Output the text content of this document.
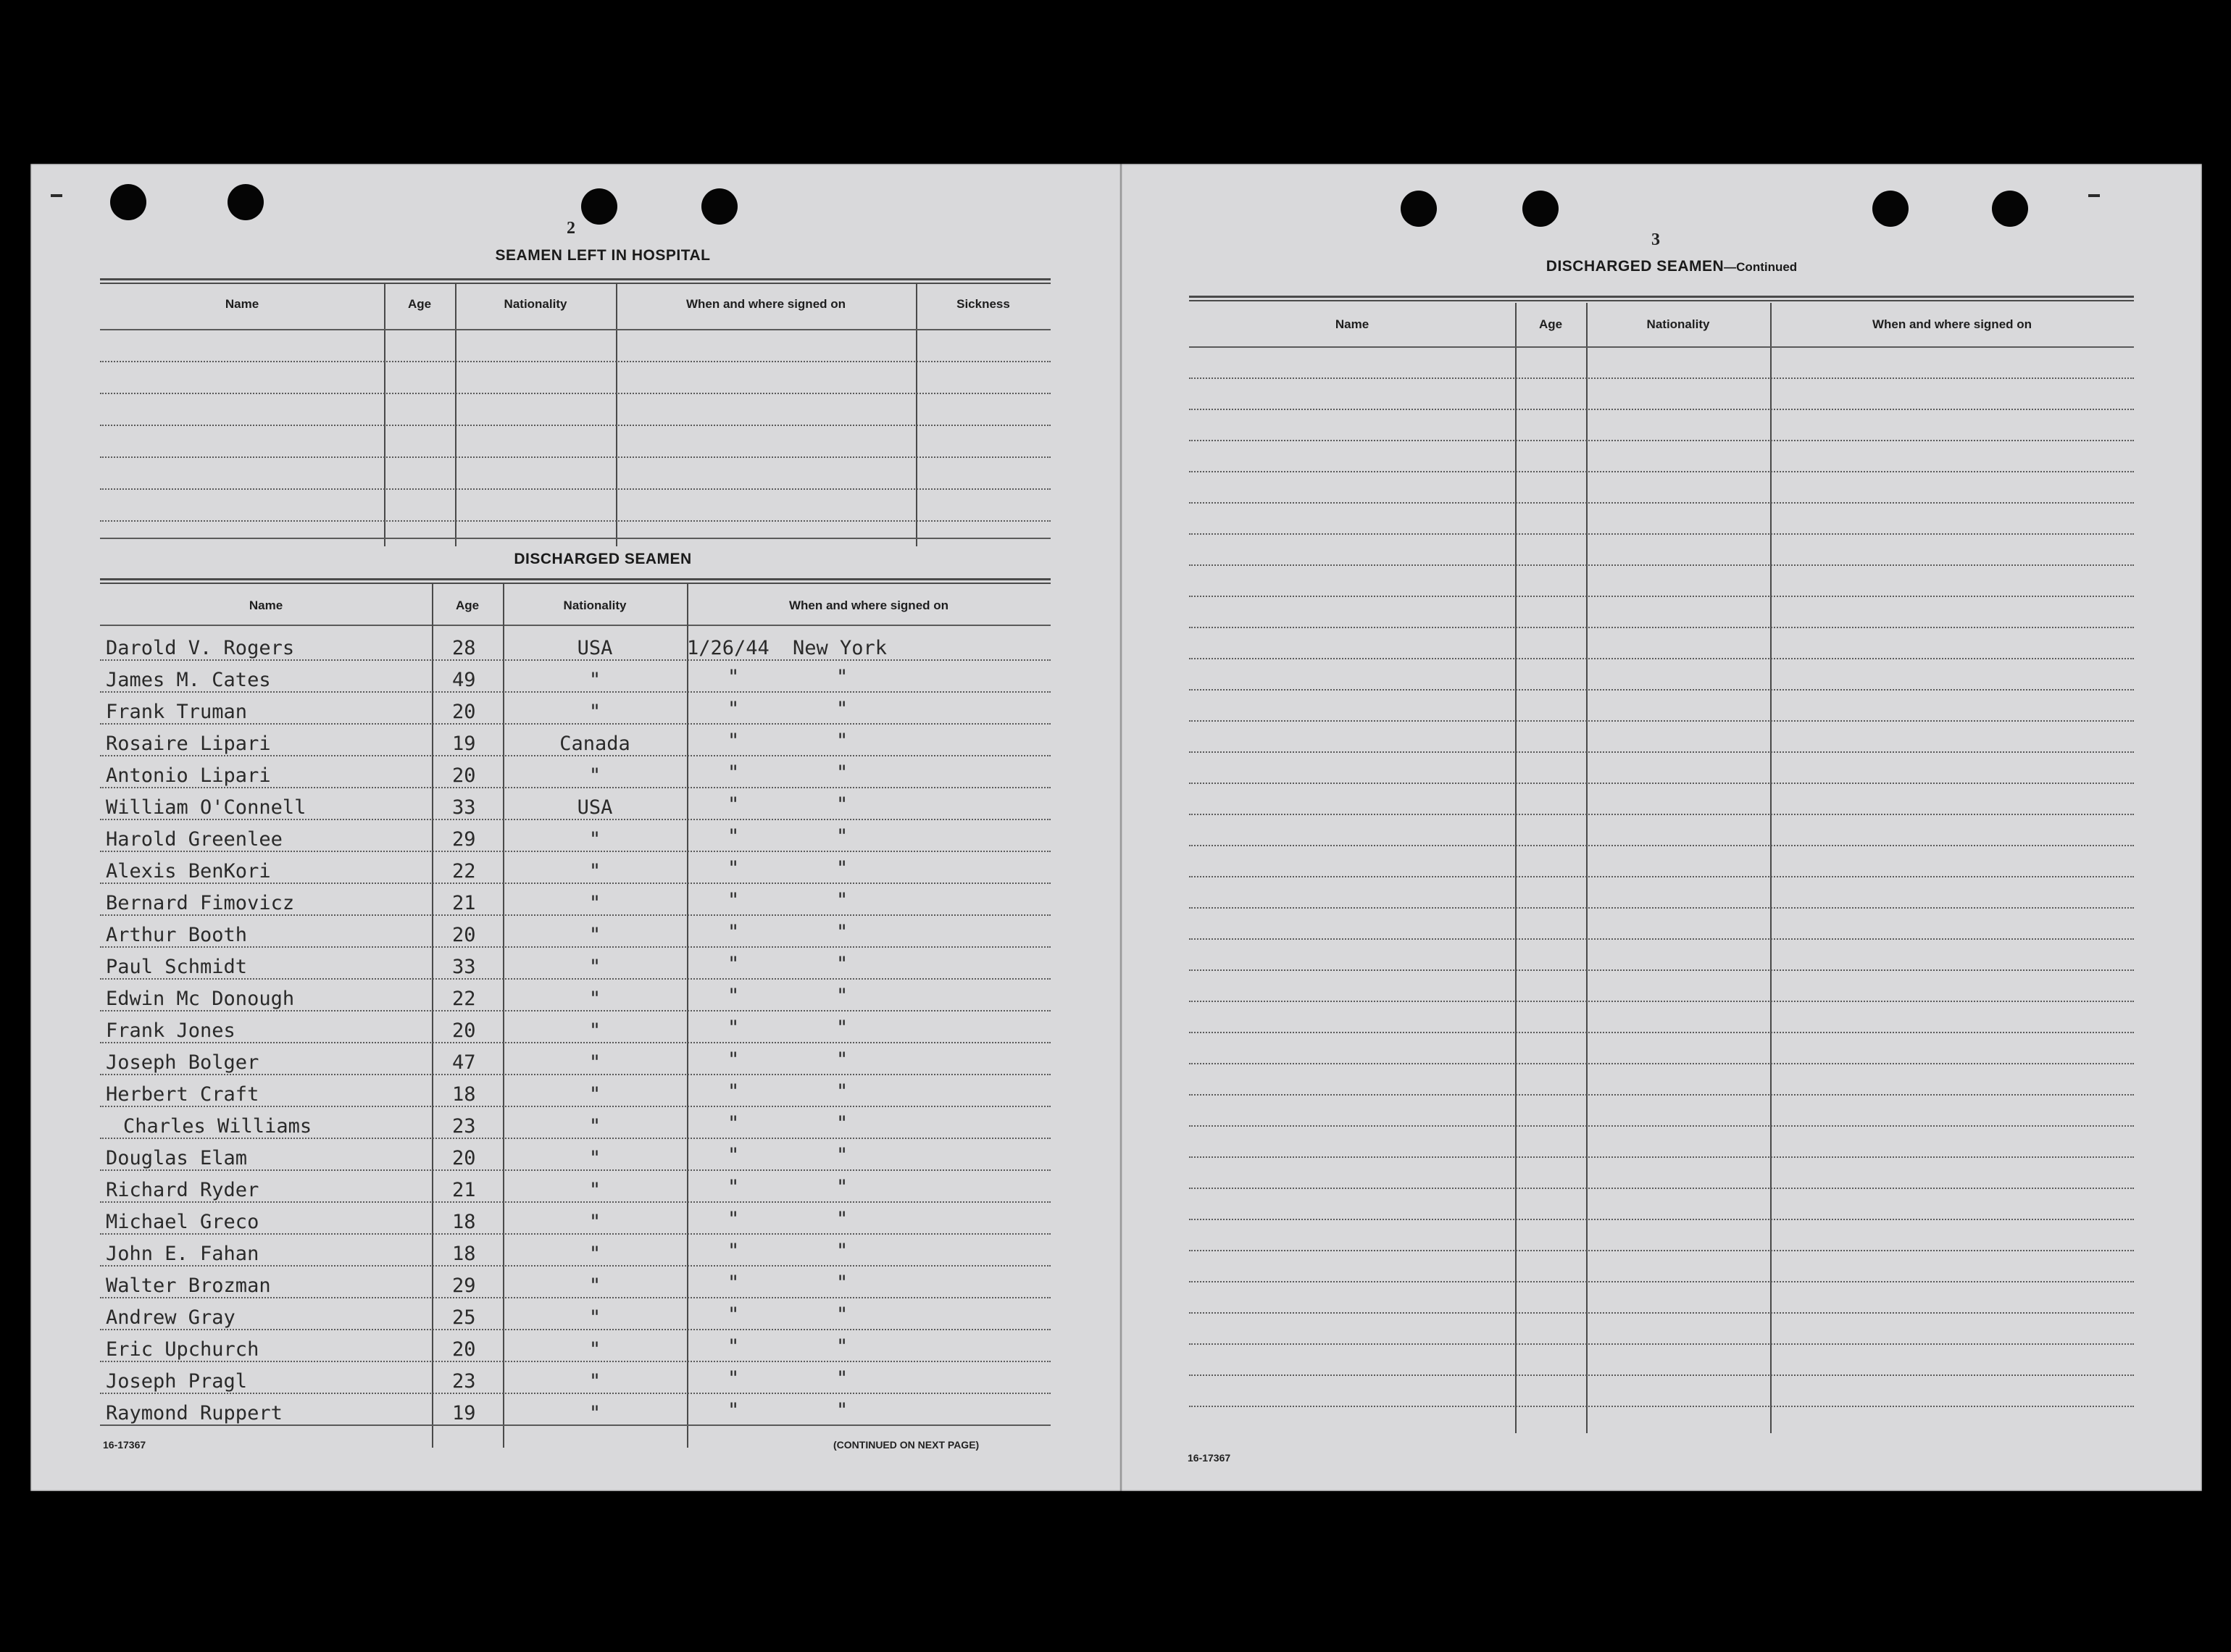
2
SEAMEN LEFT IN HOSPITAL
Name	Age	Nationality	When and where signed on	Sickness
DISCHARGED SEAMEN
Name	Age	Nationality	When and where signed on
Darold V. Rogers	28	USA	1/26/44 New York
James M. Cates	49	"	"	"
Frank Truman	20	"	"	"
Rosaire Lipari	19	Canada	"	"
Antonio Lipari	20	"	"	"
William O'Connell	33	USA	"	"
Harold Greenlee	29	"	"	"
Alexis BenKori	22	"	"	"
Bernard Fimovicz	21	"	"	"
Arthur Booth	20	"	"	"
Paul Schmidt	33	"	"	"
Edwin Mc Donough	22	"	"	"
Frank Jones	20	"	"	"
Joseph Bolger	47	"	"	"
Herbert Craft	18	"	"	"
Charles Williams	23	"	"	"
Douglas Elam	20	"	"	"
Richard Ryder	21	"	"	"
Michael Greco	18	"	"	"
John E. Fahan	18	"	"	"
Walter Brozman	29	"	"	"
Andrew Gray	25	"	"	"
Eric Upchurch	20	"	"	"
Joseph Pragl	23	"	"	"
Raymond Ruppert	19	"	"	"
16-17367	(CONTINUED ON NEXT PAGE)
3
DISCHARGED SEAMEN—Continued
Name	Age	Nationality	When and where signed on
16-17367
